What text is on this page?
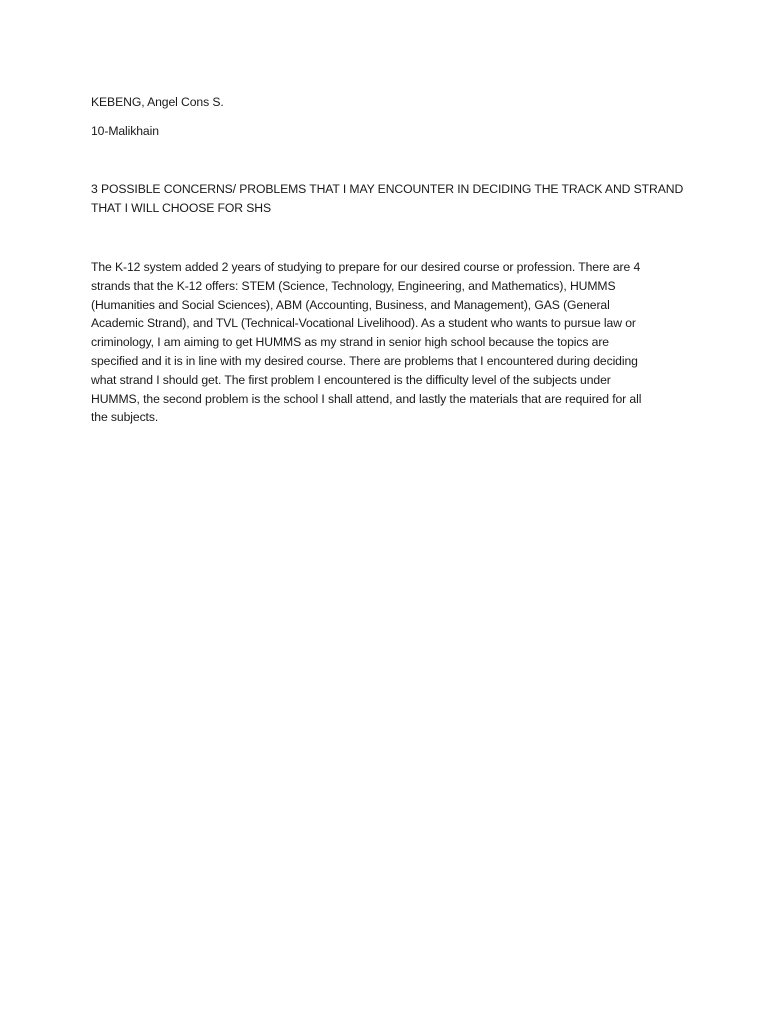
KEBENG, Angel Cons S.

10-Malikhain

3 POSSIBLE CONCERNS/ PROBLEMS THAT I MAY ENCOUNTER IN DECIDING THE TRACK AND STRAND
THAT I WILL CHOOSE FOR SHS

The K-12 system added 2 years of studying to prepare for our desired course or profession. There are 4
strands that the K-12 offers: STEM (Science, Technology, Engineering, and Mathematics), HUMMS
(Humanities and Social Sciences), ABM (Accounting, Business, and Management), GAS (General
Academic Strand), and TVL (Technical-Vocational Livelihood). As a student who wants to pursue law or
criminology, I am aiming to get HUMMS as my strand in senior high school because the topics are
specified and it is in line with my desired course. There are problems that I encountered during deciding
what strand I should get. The first problem I encountered is the difficulty level of the subjects under
HUMMS, the second problem is the school I shall attend, and lastly the materials that are required for all
the subjects.
